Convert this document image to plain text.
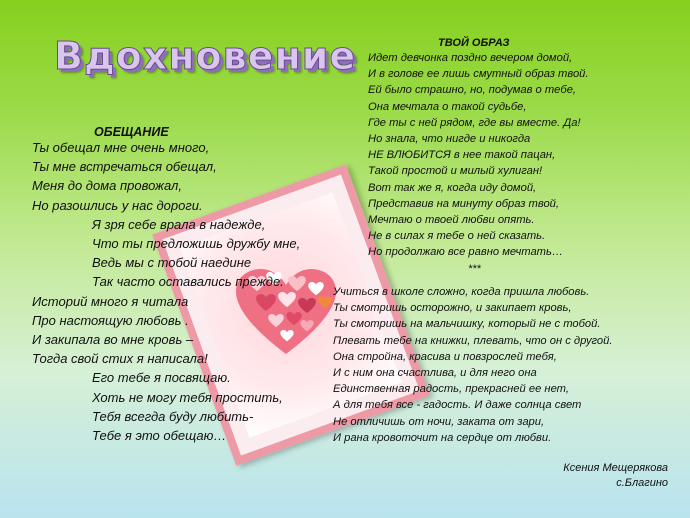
Вдохновение
ОБЕЩАНИЕ
Ты обещал мне очень много,
Ты мне встречаться обещал,
Меня до дома провожал,
Но разошлись у нас дороги.
Я зря себе врала в надежде,
Что ты предложишь дружбу мне,
Ведь мы с тобой наедине
Так часто оставались прежде.
Историй много я читала
Про настоящую любовь .
И закипала во мне кровь –
Тогда свой стих я написала!
Его тебе я посвящаю.
Хоть не могу тебя простить,
Тебя всегда буду любить-
Тебе я это обещаю…
ТВОЙ ОБРАЗ
Идет девчонка поздно вечером домой,
И в голове ее лишь смутный образ твой.
Ей было страшно, но, подумав о тебе,
Она мечтала о такой судьбе,
Где ты с ней рядом, где вы вместе. Да!
Но знала, что нигде и никогда
НЕ ВЛЮБИТСЯ в нее такой пацан,
Такой простой и милый хулиган!
Вот так же я, когда иду домой,
Представив на минуту образ твой,
Мечтаю о твоей любви опять.
Не в силах я тебе о ней сказать.
Но продолжаю все равно мечтать…
***
Учиться в школе сложно, когда пришла любовь.
Ты смотришь осторожно, и закипает кровь,
Ты смотришь на мальчишку, который не с тобой.
Плевать тебе на книжки, плевать, что он с другой.
Она стройна, красива и повзрослей тебя,
И с ним она счастлива, и для него она
Единственная радость, прекрасней ее нет,
А для тебя все - гадость. И даже солнца свет
Не отличишь от ночи, заката от зари,
И рана кровоточит на сердце от любви.
Ксения Мещерякова
с.Благино
